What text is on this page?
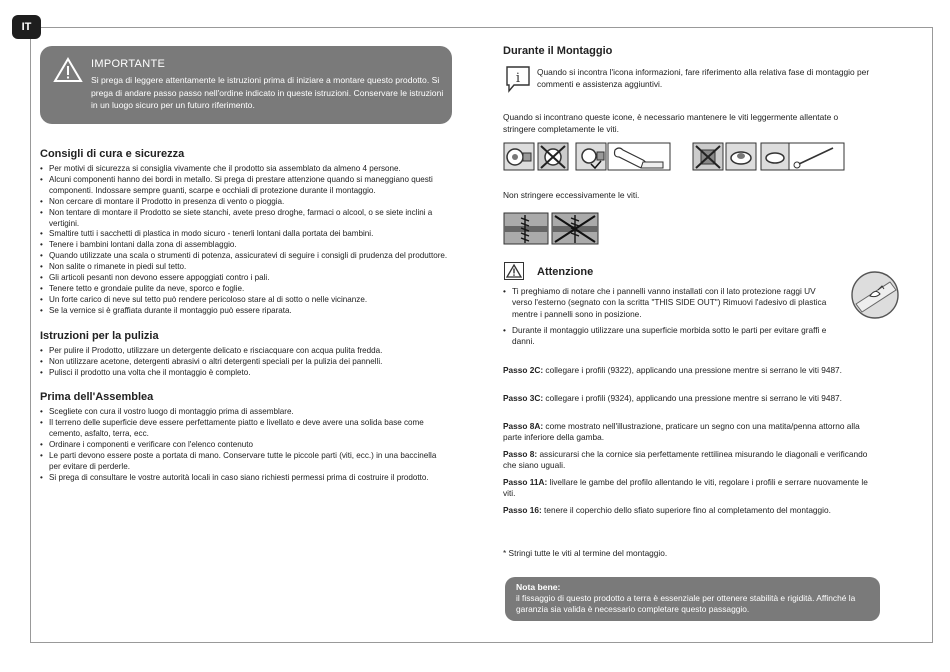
IT
IMPORTANTE
Si prega di leggere attentamente le istruzioni prima di iniziare a montare questo prodotto. Si prega di andare passo passo nell'ordine indicato in queste istruzioni. Conservare le istruzioni in un luogo sicuro per un futuro riferimento.
Consigli di cura e sicurezza
• Per motivi di sicurezza si consiglia vivamente che il prodotto sia assemblato da almeno 4 persone.
• Alcuni componenti hanno dei bordi in metallo. Si prega di prestare attenzione quando si maneggiano questi componenti. Indossare sempre guanti, scarpe e occhiali di protezione durante il montaggio.
• Non cercare di montare il Prodotto in presenza di vento o pioggia.
• Non tentare di montare il Prodotto se siete stanchi, avete preso droghe, farmaci o alcool, o se siete inclini a vertigini.
• Smaltire tutti i sacchetti di plastica in modo sicuro - tenerli lontani dalla portata dei bambini.
• Tenere i bambini lontani dalla zona di assemblaggio.
• Quando utilizzate una scala o strumenti di potenza, assicuratevi di seguire i consigli di prudenza del produttore.
• Non salite o rimanete in piedi sul tetto.
• Gli articoli pesanti non devono essere appoggiati contro i pali.
• Tenere tetto e grondaie pulite da neve, sporco e foglie.
• Un forte carico di neve sul tetto può rendere pericoloso stare al di sotto o nelle vicinanze.
• Se la vernice si è graffiata durante il montaggio può essere riparata.
Istruzioni per la pulizia
• Per pulire il Prodotto, utilizzare un detergente delicato e risciacquare con acqua pulita fredda.
• Non utilizzare acetone, detergenti abrasivi o altri detergenti speciali per la pulizia dei pannelli.
• Pulisci il prodotto una volta che il montaggio è completo.
Prima dell'Assemblea
• Scegliete con cura il vostro luogo di montaggio prima di assemblare.
• Il terreno delle superficie deve essere perfettamente piatto e livellato e deve avere una solida base come cemento, asfalto, terra, ecc.
• Ordinare i componenti e verificare con l'elenco contenuto
• Le parti devono essere poste a portata di mano. Conservare tutte le piccole parti (viti, ecc.) in una baccinella per evitare di perderle.
• Si prega di consultare le vostre autorità locali in caso siano richiesti permessi prima di costruire il prodotto.
Durante il Montaggio
i Quando si incontra l'icona informazioni, fare riferimento alla relativa fase di montaggio per commenti e assistenza aggiuntivi.
Quando si incontrano queste icone, è necessario mantenere le viti leggermente allentate o stringere completamente le viti.
Non stringere eccessivamente le viti.
Attenzione
• Ti preghiamo di notare che i pannelli vanno installati con il lato protezione raggi UV verso l'esterno (segnato con la scritta "THIS SIDE OUT") Rimuovi l'adesivo di plastica mentre i pannelli sono in posizione.
• Durante il montaggio utilizzare una superficie morbida sotto le parti per evitare graffi e danni.
Passo 2C: collegare i profili (9322), applicando una pressione mentre si serrano le viti 9487.
Passo 3C: collegare i profili (9324), applicando una pressione mentre si serrano le viti 9487.
Passo 8A: come mostrato nell'illustrazione, praticare un segno con una matita/penna attorno alla parte inferiore della gamba.
Passo 8: assicurarsi che la cornice sia perfettamente rettilinea misurando le diagonali e verificando che siano uguali.
Passo 11A: livellare le gambe del profilo allentando le viti, regolare i profili e serrare nuovamente le viti.
Passo 16: tenere il coperchio dello sfiato superiore fino al completamento del montaggio.
* Stringi tutte le viti al termine del montaggio.
Nota bene:
il fissaggio di questo prodotto a terra è essenziale per ottenere stabilità e rigidità. Affinché la garanzia sia valida è necessario completare questo passaggio.
